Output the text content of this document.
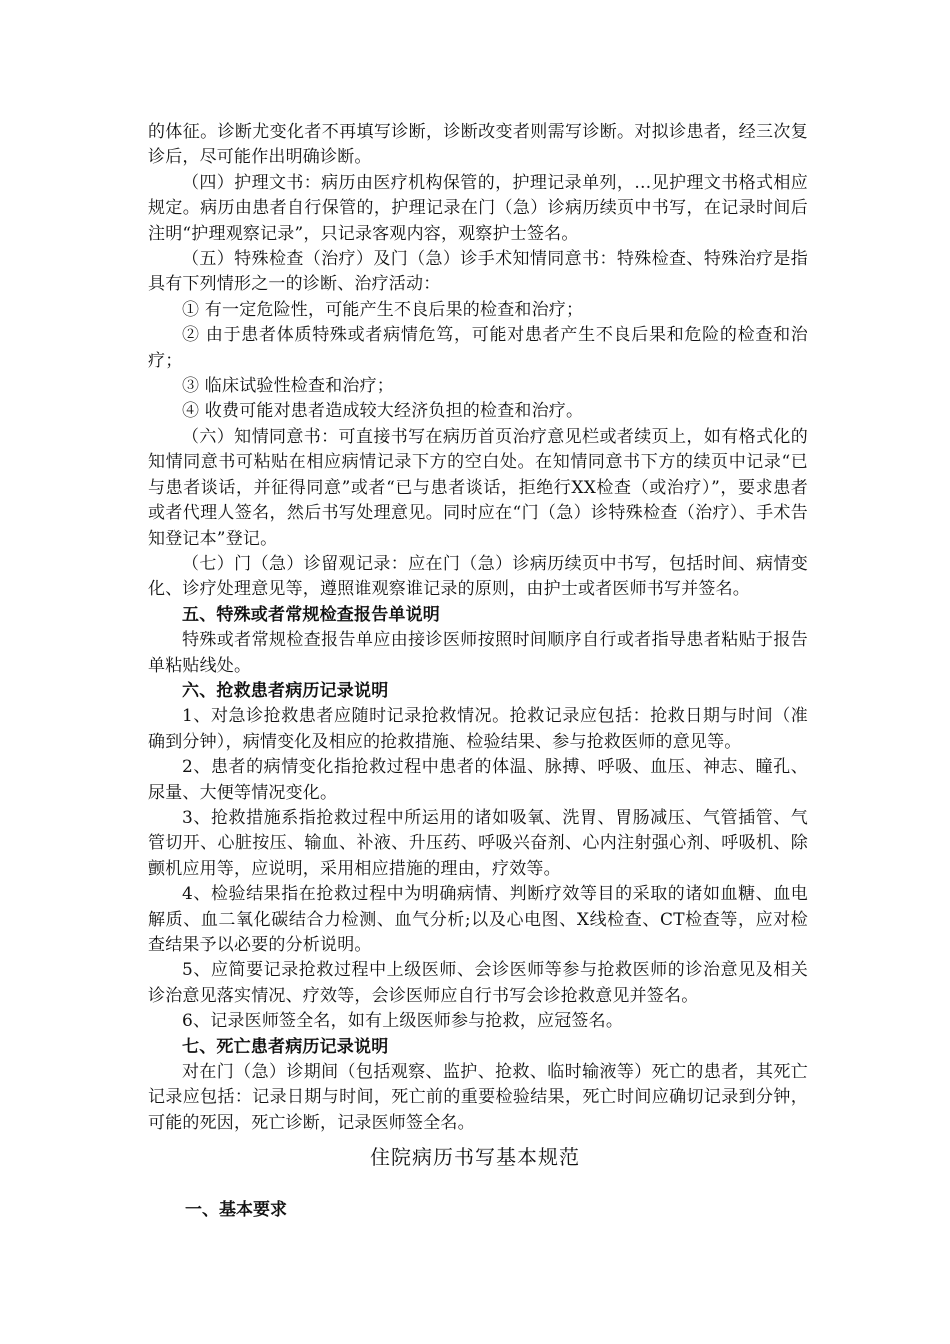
的体征。诊断尤变化者不再填写诊断，诊断改变者则需写诊断。对拟诊患者，经三次复诊后，尽可能作出明确诊断。

（四）护理文书：病历由医疗机构保管的，护理记录单列，…见护理文书格式相应规定。病历由患者自行保管的，护理记录在门（急）诊病历续页中书写，在记录时间后注明“护理观察记录”，只记录客观内容，观察护士签名。

（五）特殊检查（治疗）及门（急）诊手术知情同意书：特殊检查、特殊治疗是指具有下列情形之一的诊断、治疗活动：

① 有一定危险性，可能产生不良后果的检查和治疗；

② 由于患者体质特殊或者病情危笃，可能对患者产生不良后果和危险的检查和治疗；

③ 临床试验性检查和治疗；

④ 收费可能对患者造成较大经济负担的检查和治疗。

（六）知情同意书：可直接书写在病历首页治疗意见栏或者续页上，如有格式化的知情同意书可粘贴在相应病情记录下方的空白处。在知情同意书下方的续页中记录“已与患者谈话，并征得同意”或者“已与患者谈话，拒绝行XX检查（或治疗）”，要求患者或者代理人签名，然后书写处理意见。同时应在“门（急）诊特殊检查（治疗）、手术告知登记本”登记。

（七）门（急）诊留观记录：应在门（急）诊病历续页中书写，包括时间、病情变化、诊疗处理意见等，遵照谁观察谁记录的原则，由护士或者医师书写并签名。

五、特殊或者常规检查报告单说明

特殊或者常规检查报告单应由接诊医师按照时间顺序自行或者指导患者粘贴于报告单粘贴线处。

六、抢救患者病历记录说明

1、对急诊抢救患者应随时记录抢救情况。抢救记录应包括：抢救日期与时间（准确到分钟），病情变化及相应的抢救措施、检验结果、参与抢救医师的意见等。

2、患者的病情变化指抢救过程中患者的体温、脉搏、呼吸、血压、神志、瞳孔、尿量、大便等情况变化。

3、抢救措施系指抢救过程中所运用的诸如吸氧、洗胃、胃肠减压、气管插管、气管切开、心脏按压、输血、补液、升压药、呼吸兴奋剂、心内注射强心剂、呼吸机、除颤机应用等，应说明，采用相应措施的理由，疗效等。

4、检验结果指在抢救过程中为明确病情、判断疗效等目的采取的诸如血糖、血电解质、血二氧化碳结合力检测、血气分析;以及心电图、X线检查、CT检查等，应对检查结果予以必要的分析说明。

5、应简要记录抢救过程中上级医师、会诊医师等参与抢救医师的诊治意见及相关诊治意见落实情况、疗效等，会诊医师应自行书写会诊抢救意见并签名。

6、记录医师签全名，如有上级医师参与抢救，应冠签名。

七、死亡患者病历记录说明

对在门（急）诊期间（包括观察、监护、抢救、临时输液等）死亡的患者，其死亡记录应包括：记录日期与时间，死亡前的重要检验结果，死亡时间应确切记录到分钟，可能的死因，死亡诊断，记录医师签全名。

住院病历书写基本规范
一、基本要求
